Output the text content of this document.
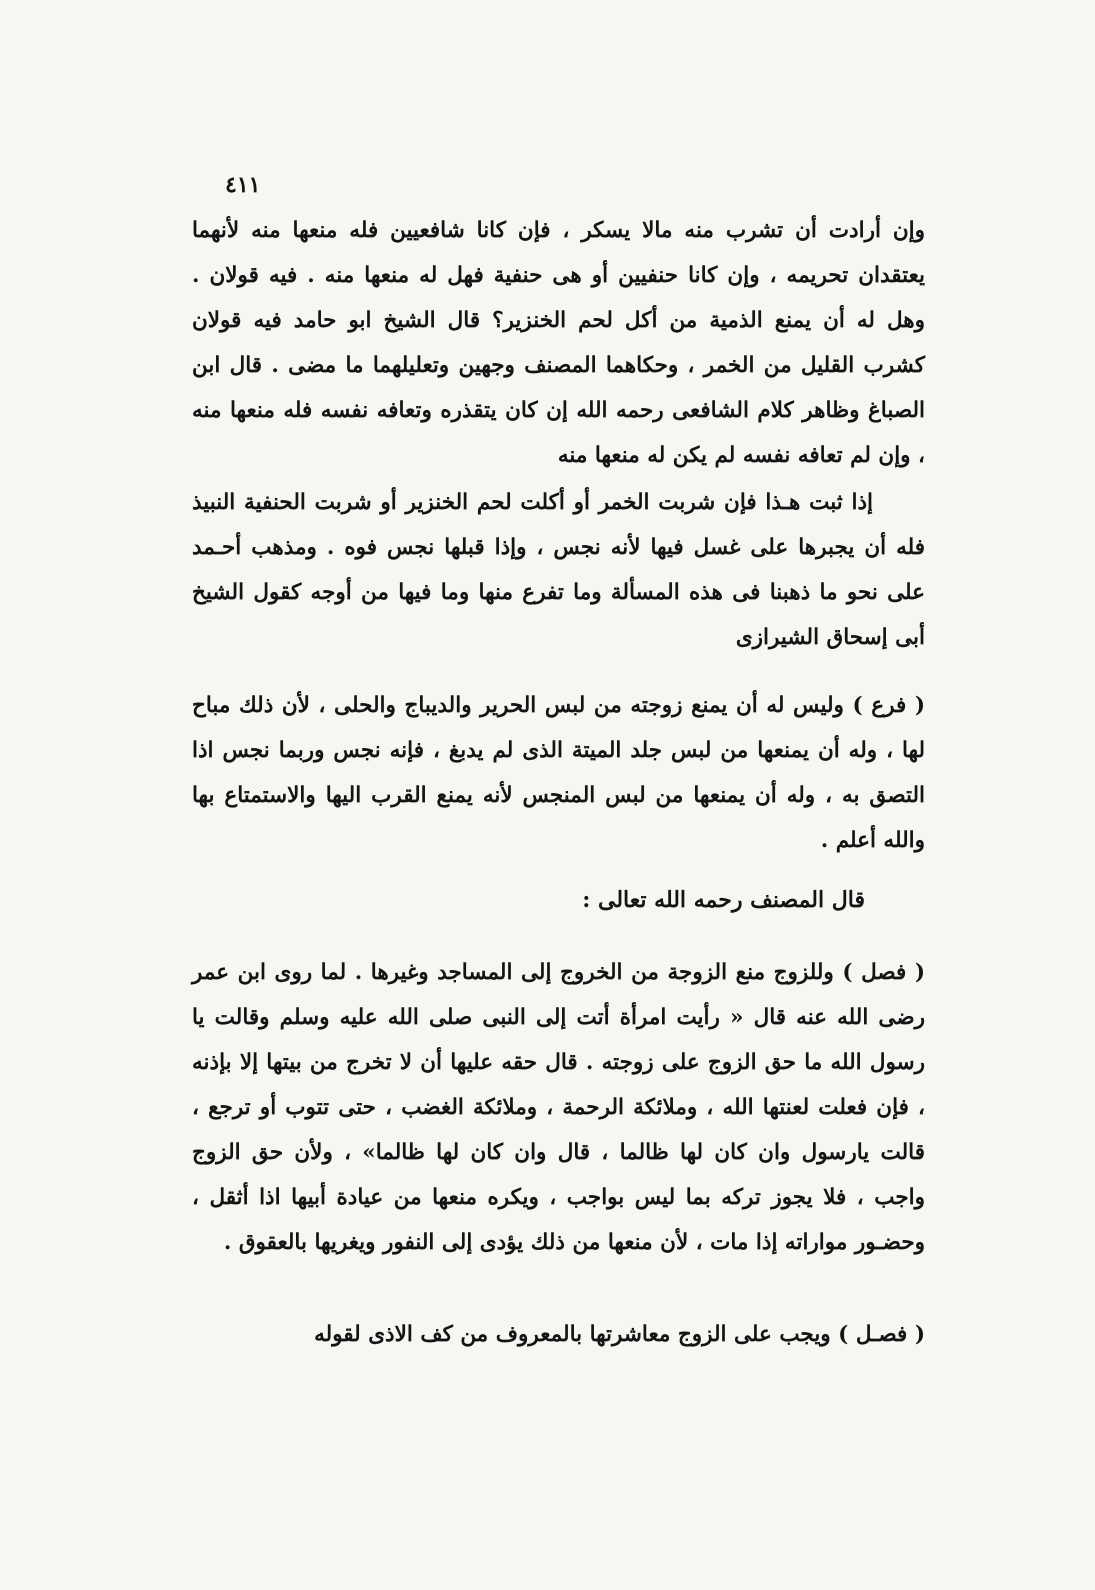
٤١١

وإن أرادت أن تشرب منه مالا يسكر ، فإن كانا شافعيين فله منعها منه لأنهما يعتقدان تحريمه ، وإن كانا حنفيين أو هى حنفية فهل له منعها منه . فيه قولان . وهل له أن يمنع الذمية من أكل لحم الخنزير؟ قال الشيخ ابو حامد فيه قولان كشرب القليل من الخمر ، وحكاهما المصنف وجهين وتعليلهما ما مضى . قال ابن الصباغ وظاهر كلام الشافعى رحمه الله إن كان يتقذره وتعافه نفسه فله منعها منه ، وإن لم تعافه نفسه لم يكن له منعها منه

إذا ثبت هـذا فإن شربت الخمر أو أكلت لحم الخنزير أو شربت الحنفية النبيذ فله أن يجبرها على غسل فيها لأنه نجس ، وإذا قبلها نجس فوه . ومذهب أحـمد على نحو ما ذهبنا فى هذه المسألة وما تفرع منها وما فيها من أوجه كقول الشيخ أبى إسحاق الشيرازى

( فرع ) وليس له أن يمنع زوجته من لبس الحرير والديباج والحلى ، لأن ذلك مباح لها ، وله أن يمنعها من لبس جلد الميتة الذى لم يدبغ ، فإنه نجس وربما نجس اذا التصق به ، وله أن يمنعها من لبس المنجس لأنه يمنع القرب اليها والاستمتاع بها والله أعلم .

قال المصنف رحمه الله تعالى :

( فصل ) وللزوج منع الزوجة من الخروج إلى المساجد وغيرها . لما روى ابن عمر رضى الله عنه قال « رأيت امرأة أتت إلى النبى صلى الله عليه وسلم وقالت يا رسول الله ما حق الزوج على زوجته . قال حقه عليها أن لا تخرج من بيتها إلا بإذنه ، فإن فعلت لعنتها الله ، وملائكة الرحمة ، وملائكة الغضب ، حتى تتوب أو ترجع ، قالت يارسول وان كان لها ظالما ، قال وان كان لها ظالما» ، ولأن حق الزوج واجب ، فلا يجوز تركه بما ليس بواجب ، ويكره منعها من عيادة أبيها اذا أثقل ، وحضـور مواراته إذا مات ، لأن منعها من ذلك يؤدى إلى النفور ويغريها بالعقوق .

( فصـل ) ويجب على الزوج معاشرتها بالمعروف من كف الاذى لقوله
